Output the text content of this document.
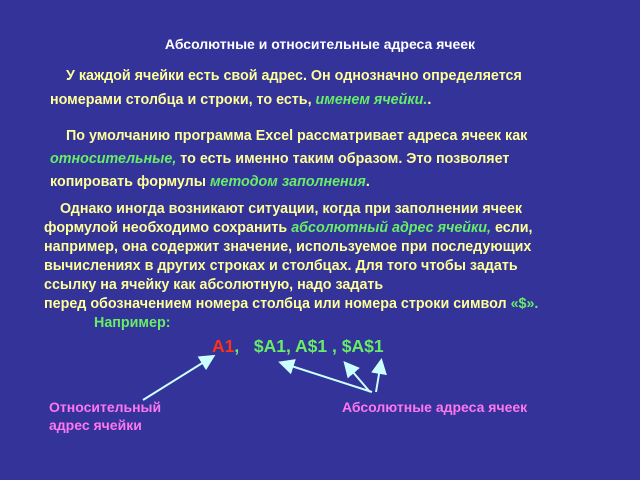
Абсолютные и относительные адреса ячеек
У каждой ячейки есть свой адрес. Он однозначно определяется
номерами столбца и строки, то есть, именем ячейки..
По умолчанию программа Excel рассматривает адреса ячеек как
относительные, то есть именно таким образом. Это позволяет
копировать формулы методом заполнения.
Однако иногда возникают ситуации, когда при заполнении ячеек
формулой необходимо сохранить абсолютный адрес ячейки, если,
например, она содержит значение, используемое при последующих
вычислениях в других строках и столбцах. Для того чтобы задать
ссылку на ячейку как абсолютную, надо задать
перед обозначением номера столбца или номера строки символ «$».
Например:
A1, $A1, A$1 , $A$1
Относительный
адрес ячейки
Абсолютные адреса ячеек
